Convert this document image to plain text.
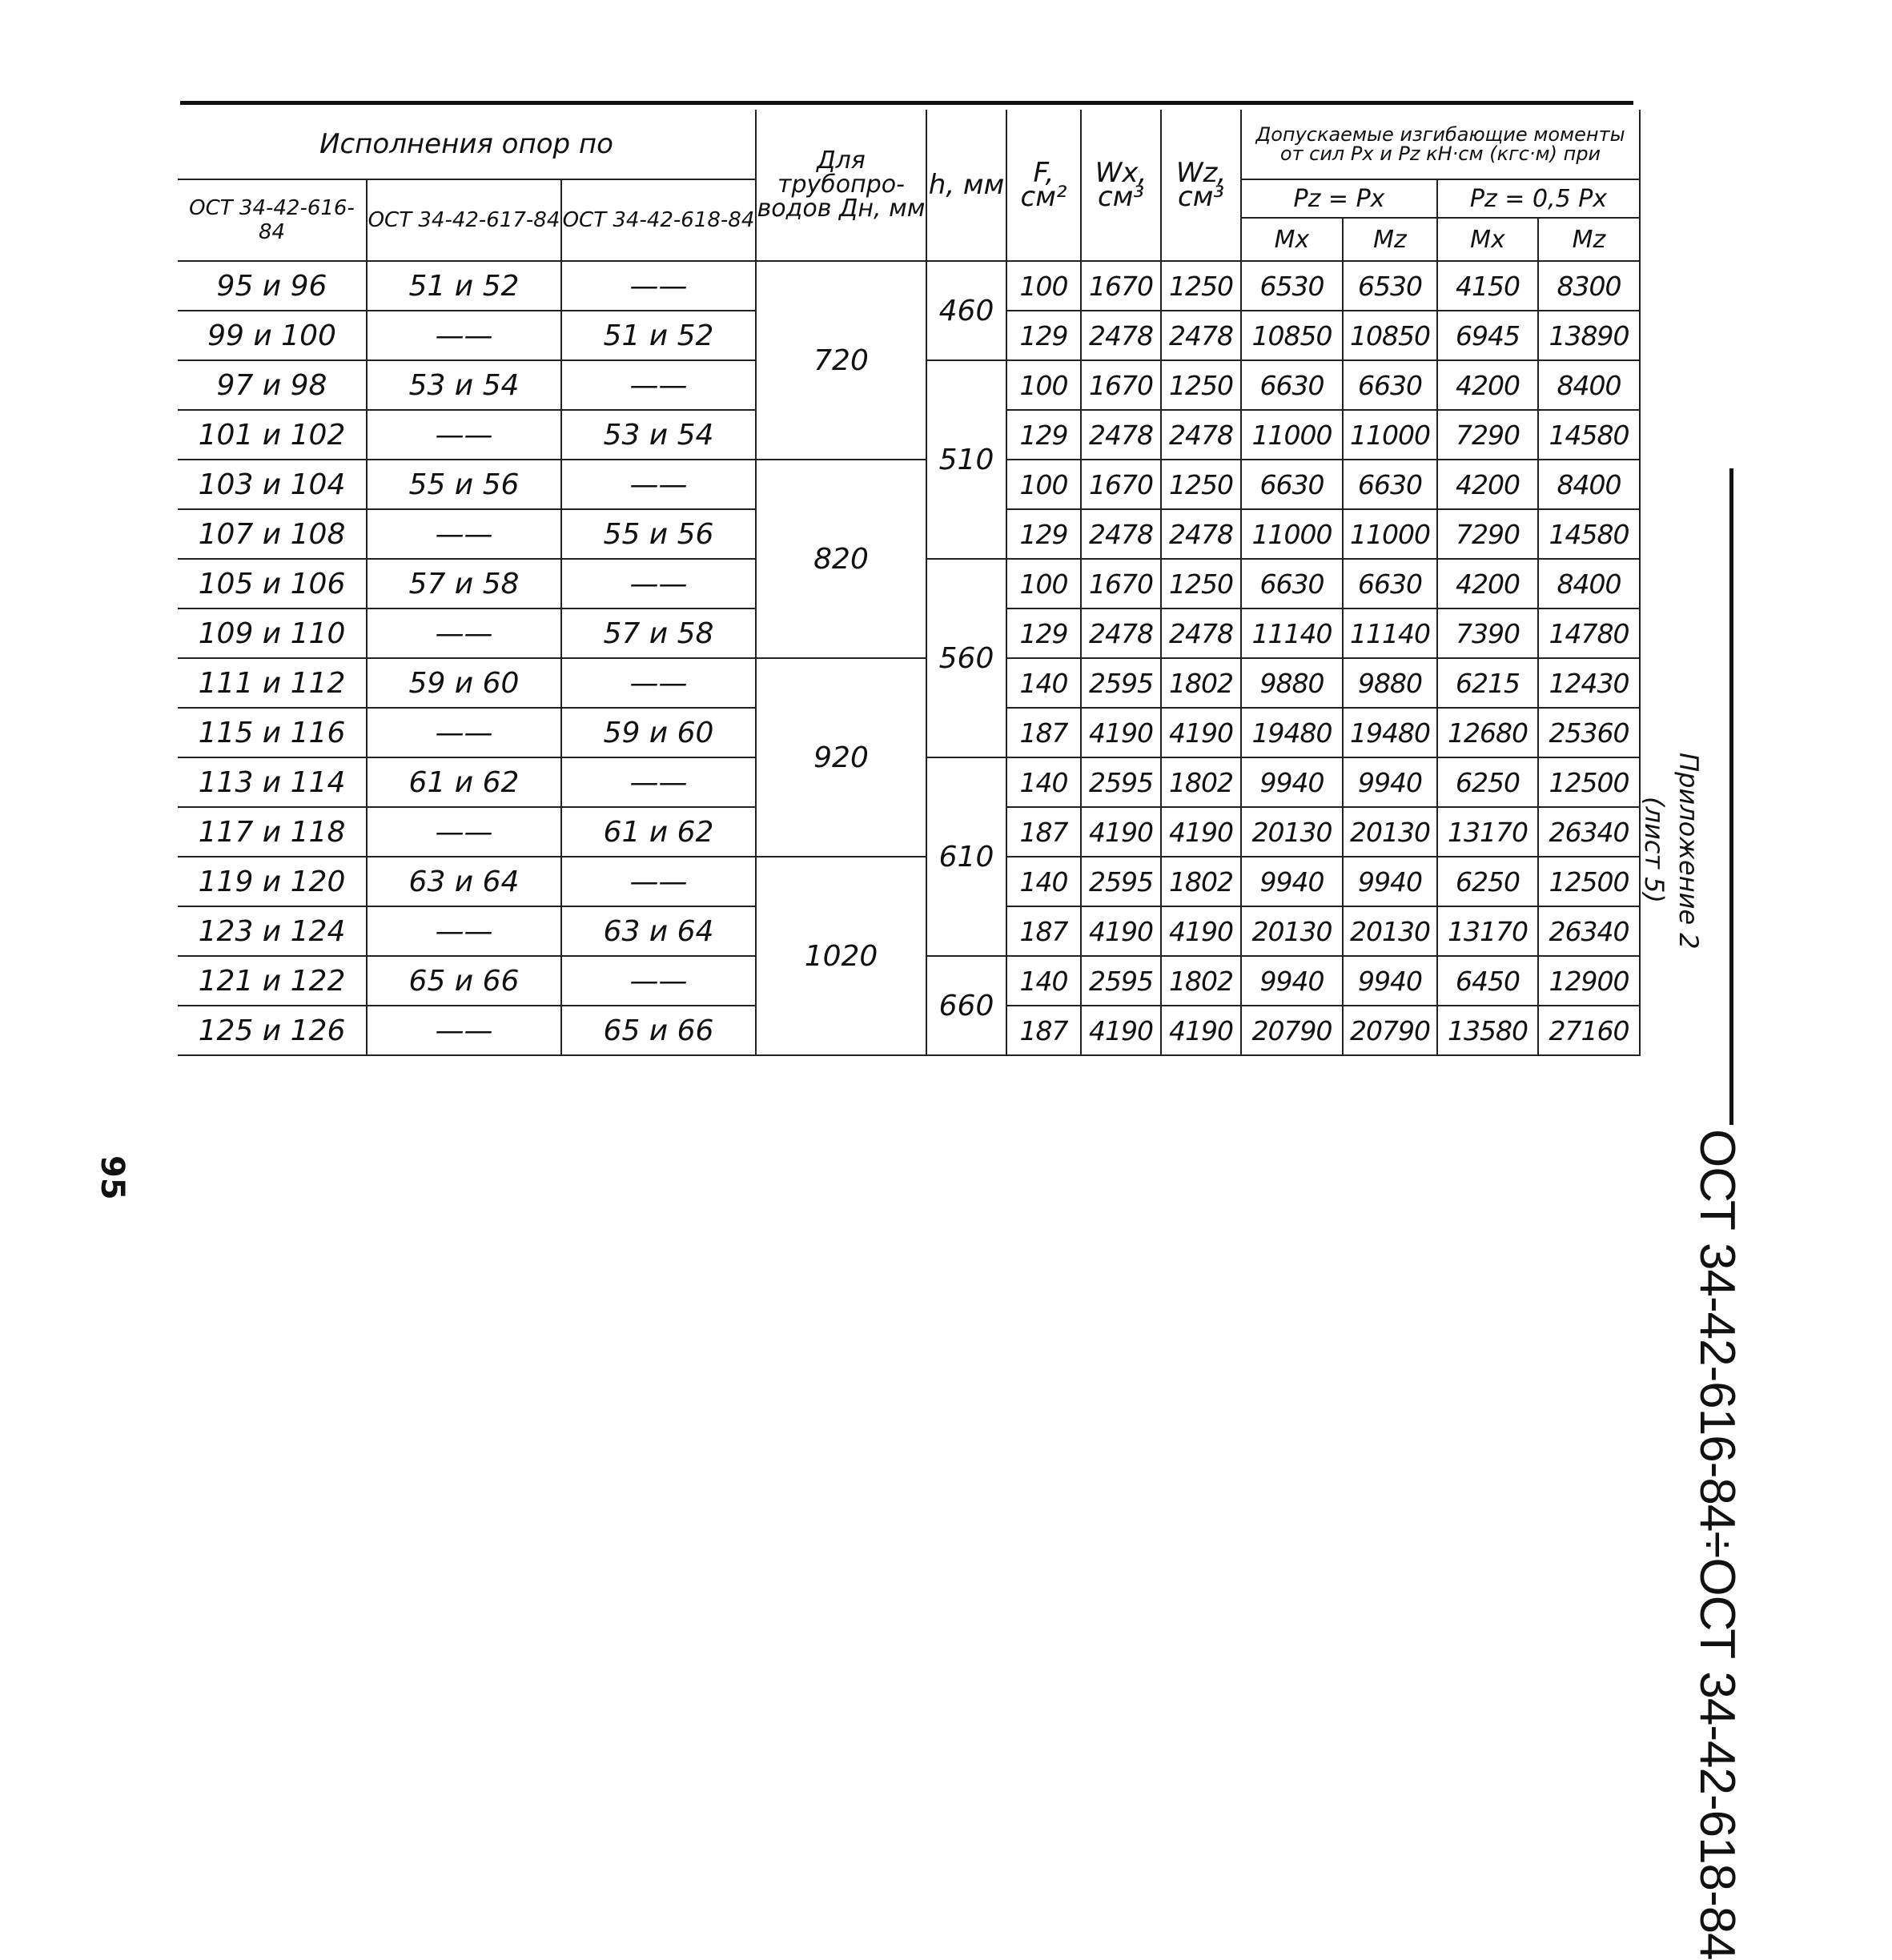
Исполнения опор по			Для трубопро- водов Дн, мм	h, мм	F, см²	Wx, см³	Wz, см³	Допускаемые изгибающие моменты от сил Px и Pz кН·см (кгс·м) при			
ОСТ 34-42-616-84	ОСТ 34-42-617-84	ОСТ 34-42-618-84						Pz = Px		Pz = 0,5 Px	
								Mx	Mz	Mx	Mz
95 и 96	51 и 52	——	720	460	100	1670	1250	6530	6530	4150	8300
99 и 100	——	51 и 52			129	2478	2478	10850	10850	6945	13890
97 и 98	53 и 54	——		510	100	1670	1250	6630	6630	4200	8400
101 и 102	——	53 и 54			129	2478	2478	11000	11000	7290	14580
103 и 104	55 и 56	——	820		100	1670	1250	6630	6630	4200	8400
107 и 108	——	55 и 56			129	2478	2478	11000	11000	7290	14580
105 и 106	57 и 58	——		560	100	1670	1250	6630	6630	4200	8400
109 и 110	——	57 и 58			129	2478	2478	11140	11140	7390	14780
111 и 112	59 и 60	——	920		140	2595	1802	9880	9880	6215	12430
115 и 116	——	59 и 60			187	4190	4190	19480	19480	12680	25360
113 и 114	61 и 62	——		610	140	2595	1802	9940	9940	6250	12500
117 и 118	——	61 и 62			187	4190	4190	20130	20130	13170	26340
119 и 120	63 и 64	——	1020		140	2595	1802	9940	9940	6250	12500
123 и 124	——	63 и 64			187	4190	4190	20130	20130	13170	26340
121 и 122	65 и 66	——		660	140	2595	1802	9940	9940	6450	12900
125 и 126	——	65 и 66			187	4190	4190	20790	20790	13580	27160
ОСТ 34-42-616-84÷ОСТ 34-42-618-84
Приложение 2
(лист 5)
95
